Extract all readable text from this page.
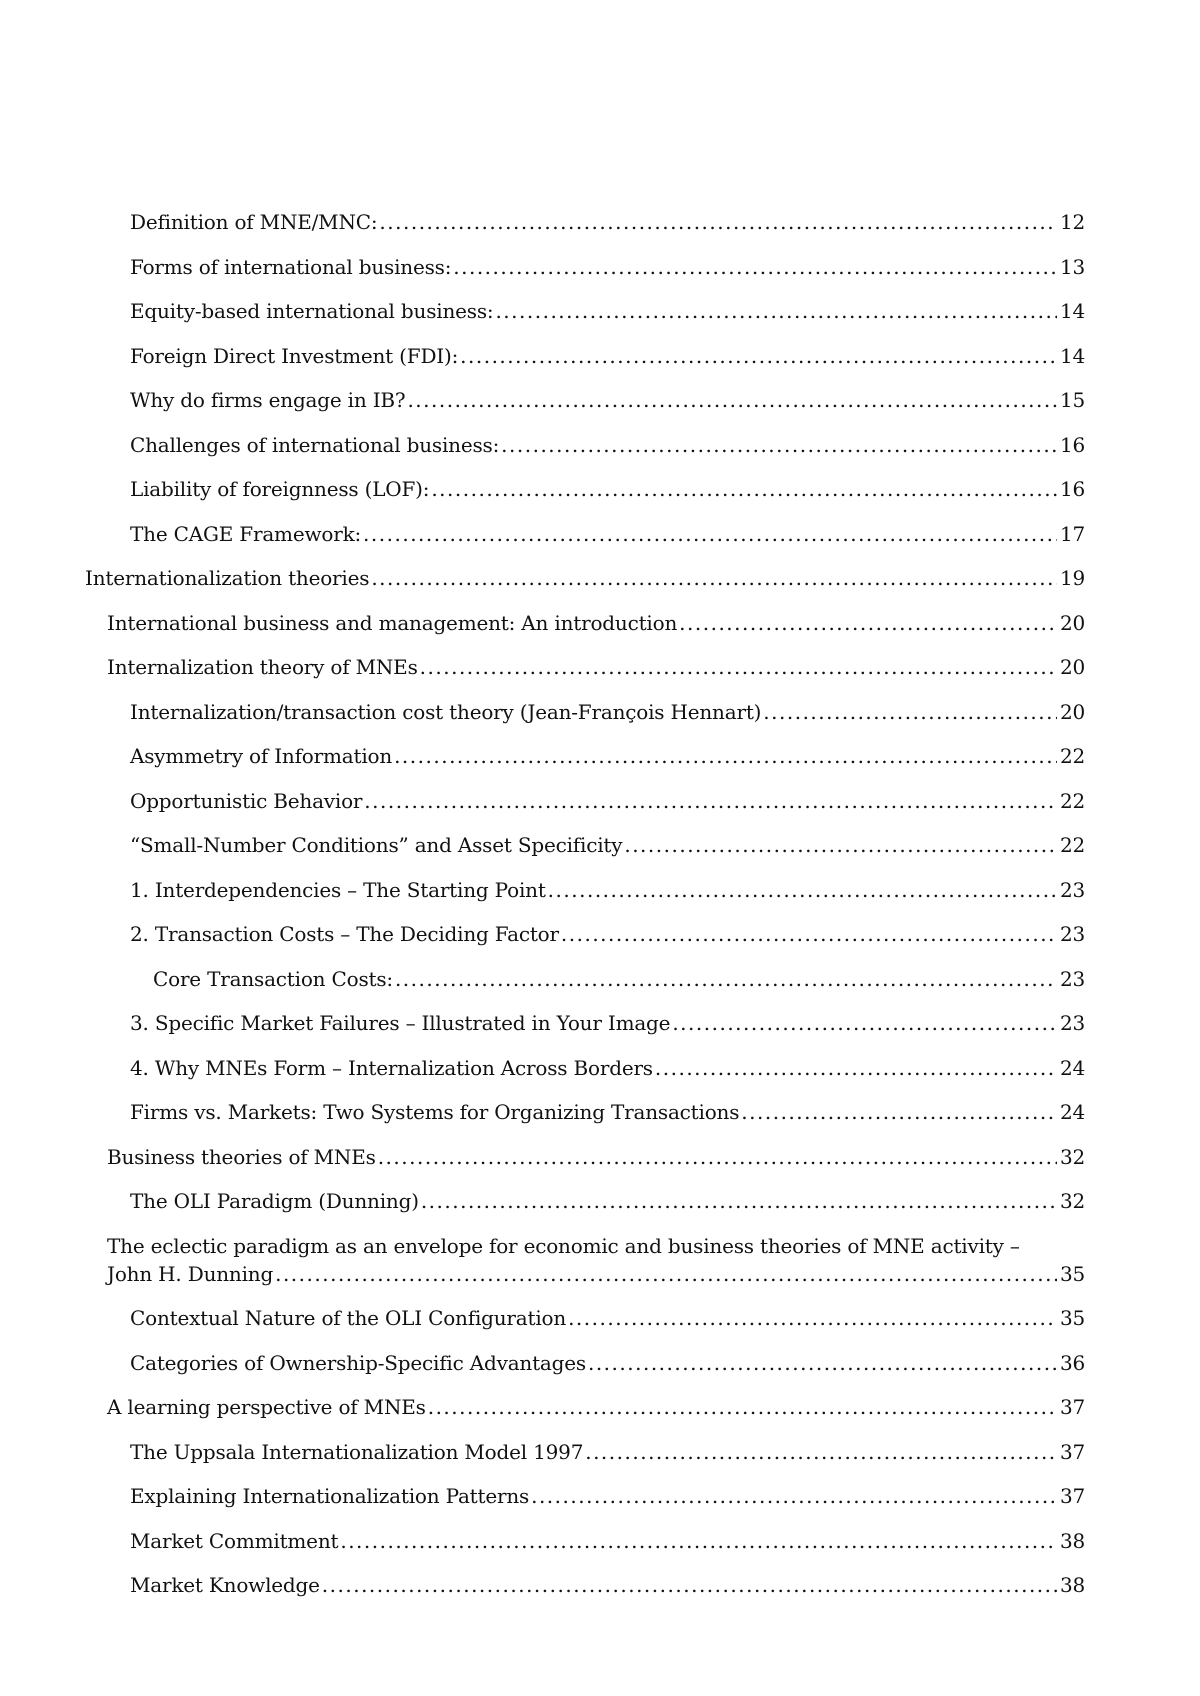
Definition of MNE/MNC: .....	12
Forms of international business: .....	13
Equity-based international business: .....	14
Foreign Direct Investment (FDI): .....	14
Why do firms engage in IB? .....	15
Challenges of international business: .....	16
Liability of foreignness (LOF): .....	16
The CAGE Framework: .....	17
Internationalization theories .....	19
International business and management: An introduction .....	20
Internalization theory of MNEs .....	20
Internalization/transaction cost theory (Jean-François Hennart) .....	20
Asymmetry of Information .....	22
Opportunistic Behavior .....	22
“Small-Number Conditions” and Asset Specificity .....	22
1. Interdependencies – The Starting Point .....	23
2. Transaction Costs – The Deciding Factor .....	23
Core Transaction Costs: .....	23
3. Specific Market Failures – Illustrated in Your Image .....	23
4. Why MNEs Form – Internalization Across Borders .....	24
Firms vs. Markets: Two Systems for Organizing Transactions .....	24
Business theories of MNEs .....	32
The OLI Paradigm (Dunning) .....	32
The eclectic paradigm as an envelope for economic and business theories of MNE activity –
John H. Dunning .....	35
Contextual Nature of the OLI Configuration .....	35
Categories of Ownership-Specific Advantages .....	36
A learning perspective of MNEs .....	37
The Uppsala Internationalization Model 1997 .....	37
Explaining Internationalization Patterns .....	37
Market Commitment .....	38
Market Knowledge .....	38
